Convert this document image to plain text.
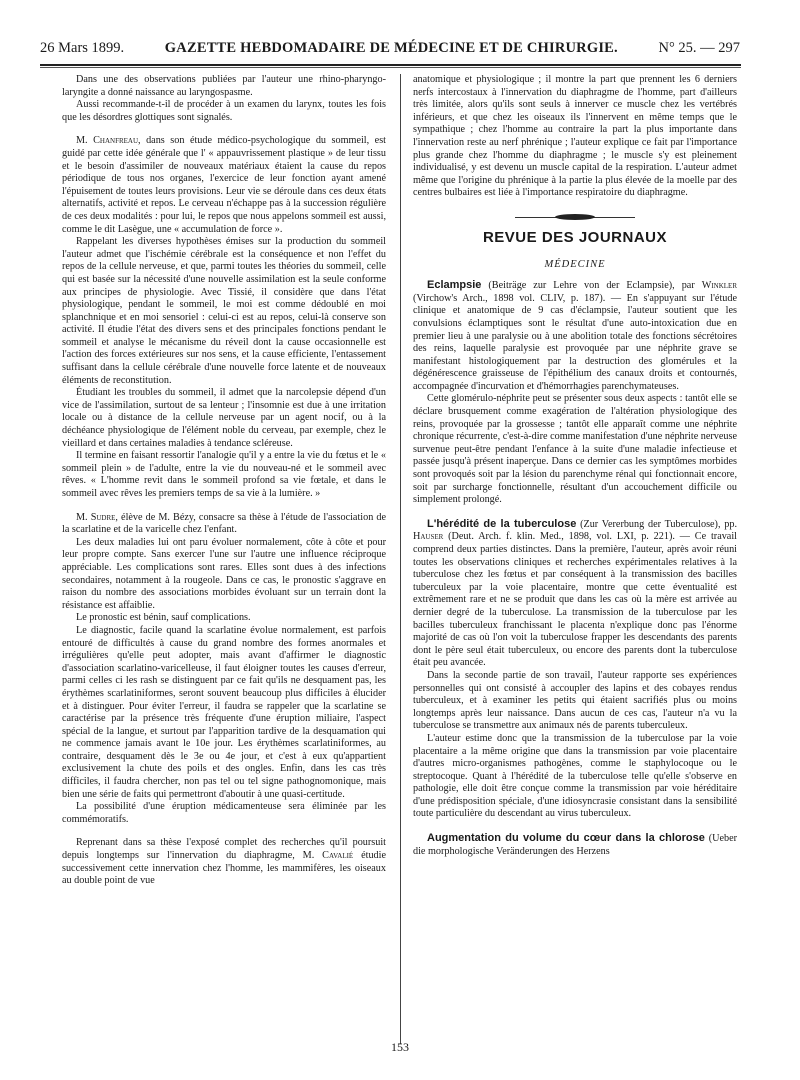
26 Mars 1899.	GAZETTE HEBDOMADAIRE DE MÉDECINE ET DE CHIRURGIE.	N° 25. — 297

Dans une des observations publiées par l'auteur une rhino-pharyngo-laryngite a donné naissance au laryngospasme.

Aussi recommande-t-il de procéder à un examen du larynx, toutes les fois que les désordres glottiques sont signalés.

M. Chanfreau, dans son étude médico-psychologique du sommeil, est guidé par cette idée générale que l' « appauvrissement plastique » de leur tissu et le besoin d'assimiler de nouveaux matériaux étaient la cause du repos périodique de tous nos organes, l'exercice de leur fonction ayant amené l'épuisement de toutes leurs provisions. Leur vie se déroule dans ces deux états alternatifs, activité et repos. Le cerveau n'échappe pas à la succession régulière de ces deux modalités : pour lui, le repos que nous appelons sommeil est aussi, comme le dit Lasègue, une « accumulation de force ».

Rappelant les diverses hypothèses émises sur la production du sommeil l'auteur admet que l'ischémie cérébrale est la conséquence et non l'effet du repos de la cellule nerveuse, et que, parmi toutes les théories du sommeil, celle qui est basée sur la nécessité d'une nouvelle assimilation est la seule conforme aux principes de physiologie. Avec Tissié, il considère que dans l'état physiologique, pendant le sommeil, le moi est comme dédoublé en moi splanchnique et en moi sensoriel : celui-ci est au repos, celui-là conserve son activité. Il étudie l'état des divers sens et des principales fonctions pendant le sommeil et analyse le mécanisme du réveil dont la cause occasionnelle est l'action des forces extérieures sur nos sens, et la cause efficiente, l'entassement suffisant dans la cellule cérébrale d'une nouvelle force latente et de nouveaux éléments de reconstitution.

Étudiant les troubles du sommeil, il admet que la narcolepsie dépend d'un vice de l'assimilation, surtout de sa lenteur ; l'insomnie est due à une irritation locale ou à distance de la cellule nerveuse par un agent nocif, ou à la déchéance physiologique de l'élément noble du cerveau, par exemple, chez le vieillard et dans certaines maladies à tendance scléreuse.

Il termine en faisant ressortir l'analogie qu'il y a entre la vie du fœtus et le « sommeil plein » de l'adulte, entre la vie du nouveau-né et le sommeil avec rêves. « L'homme revit dans le sommeil profond sa vie fœtale, et dans le sommeil avec rêves les premiers temps de sa vie à la lumière. »

M. Sudre, élève de M. Bézy, consacre sa thèse à l'étude de l'association de la scarlatine et de la varicelle chez l'enfant.

Les deux maladies lui ont paru évoluer normalement, côte à côte et pour leur propre compte. Sans exercer l'une sur l'autre une influence réciproque appréciable. Les complications sont rares. Elles sont dues à des infections secondaires, notamment à la rougeole. Dans ce cas, le pronostic s'aggrave en raison du nombre des associations morbides évoluant sur un terrain dont la résistance est affaiblie.

Le pronostic est bénin, sauf complications.

Le diagnostic, facile quand la scarlatine évolue normalement, est parfois entouré de difficultés à cause du grand nombre des formes anormales et irrégulières qu'elle peut adopter, mais avant d'affirmer le diagnostic d'association scarlatino-varicelleuse, il faut éloigner toutes les causes d'erreur, parmi celles ci les rash se distinguent par ce fait qu'ils ne desquament pas, les érythèmes scarlatiniformes, seront souvent beaucoup plus difficiles à élucider et à distinguer. Pour éviter l'erreur, il faudra se rappeler que la scarlatine se caractérise par la présence très fréquente d'une éruption miliaire, l'aspect spécial de la langue, et surtout par l'apparition tardive de la desquamation qui ne commence jamais avant le 10e jour. Les érythèmes scarlatiniformes, au contraire, desquament dès le 3e ou 4e jour, et c'est à eux qu'appartient exclusivement la chute des poils et des ongles. Enfin, dans les cas très difficiles, il faudra chercher, non pas tel ou tel signe pathognomonique, mais bien une série de faits qui permettront d'aboutir à une quasi-certitude.

La possibilité d'une éruption médicamenteuse sera éliminée par les commémoratifs.

Reprenant dans sa thèse l'exposé complet des recherches qu'il poursuit depuis longtemps sur l'innervation du diaphragme, M. Cavalié étudie successivement cette innervation chez l'homme, les mammifères, les oiseaux au double point de vue

anatomique et physiologique ; il montre la part que prennent les 6 derniers nerfs intercostaux à l'innervation du diaphragme de l'homme, part d'ailleurs très limitée, alors qu'ils sont seuls à innerver ce muscle chez les vertébrés inférieurs, et que chez les oiseaux ils l'innervent en même temps que le sympathique ; chez l'homme au contraire la part la plus importante dans l'innervation reste au nerf phrénique ; l'auteur explique ce fait par l'importance plus grande chez l'homme du diaphragme ; le muscle s'y est pleinement individualisé, y est devenu un muscle capital de la respiration. L'auteur admet même que l'origine du phrénique à la partie la plus élevée de la moelle par des centres bulbaires est liée à l'importance respiratoire du diaphragme.

REVUE DES JOURNAUX
MÉDECINE

Eclampsie (Beiträge zur Lehre von der Eclampsie), par Winkler (Virchow's Arch., 1898 vol. CLIV, p. 187). — En s'appuyant sur l'étude clinique et anatomique de 9 cas d'éclampsie, l'auteur soutient que les convulsions éclamptiques sont le résultat d'une auto-intoxication due en premier lieu à une paralysie ou à une abolition totale des fonctions sécrétoires des reins, laquelle paralysie est provoquée par une néphrite grave se manifestant histologiquement par la destruction des glomérules et la dégénérescence graisseuse de l'épithélium des canaux droits et contournés, accompagnée d'incurvation et d'hémorrhagies parenchymateuses.

Cette glomérulo-néphrite peut se présenter sous deux aspects : tantôt elle se déclare brusquement comme exagération de l'altération physiologique des reins, provoquée par la grossesse ; tantôt elle apparaît comme une néphrite chronique récurrente, c'est-à-dire comme manifestation d'une néphrite nerveuse survenue peut-être pendant l'enfance à la suite d'une maladie infectieuse et passée jusqu'à présent inaperçue. Dans ce dernier cas les symptômes morbides sont provoqués soit par la lésion du parenchyme rénal qui fonctionnait encore, soit par surcharge fonctionnelle, résultant d'un accouchement difficile ou simplement prolongé.

L'hérédité de la tuberculose (Zur Vererbung der Tuberculose), pp. Hauser (Deut. Arch. f. klin. Med., 1898, vol. LXI, p. 221). — Ce travail comprend deux parties distinctes. Dans la première, l'auteur, après avoir réuni toutes les observations cliniques et recherches expérimentales relatives à la tuberculose chez les fœtus et par conséquent à la transmission des bacilles tuberculeux par la voie placentaire, montre que cette éventualité est extrêmement rare et ne se produit que dans les cas où la mère est arrivée au dernier degré de la tuberculose. La transmission de la tuberculose par les bacilles tuberculeux franchissant le placenta n'explique donc pas l'énorme majorité de cas où l'on voit la tuberculose frapper les descendants des parents dont le père seul était tuberculeux, ou encore des parents dont la tuberculose était peu avancée.

Dans la seconde partie de son travail, l'auteur rapporte ses expériences personnelles qui ont consisté à accoupler des lapins et des cobayes rendus tuberculeux, et à examiner les petits qui étaient sacrifiés plus ou moins longtemps après leur naissance. Dans aucun de ces cas, l'auteur n'a vu la tuberculose se transmettre aux animaux nés de parents tuberculeux.

L'auteur estime donc que la transmission de la tuberculose par la voie placentaire a la même origine que dans la transmission par voie placentaire d'autres micro-organismes pathogènes, comme le staphylocoque ou le streptocoque. Quant à l'hérédité de la tuberculose telle qu'elle s'observe en pathologie, elle doit être conçue comme la transmission par voie héréditaire d'une prédisposition spéciale, d'une idiosyncrasie consistant dans la sensibilité toute particulière du descendant au virus tuberculeux.

Augmentation du volume du cœur dans la chlorose (Ueber die morphologische Veränderungen des Herzens

153
